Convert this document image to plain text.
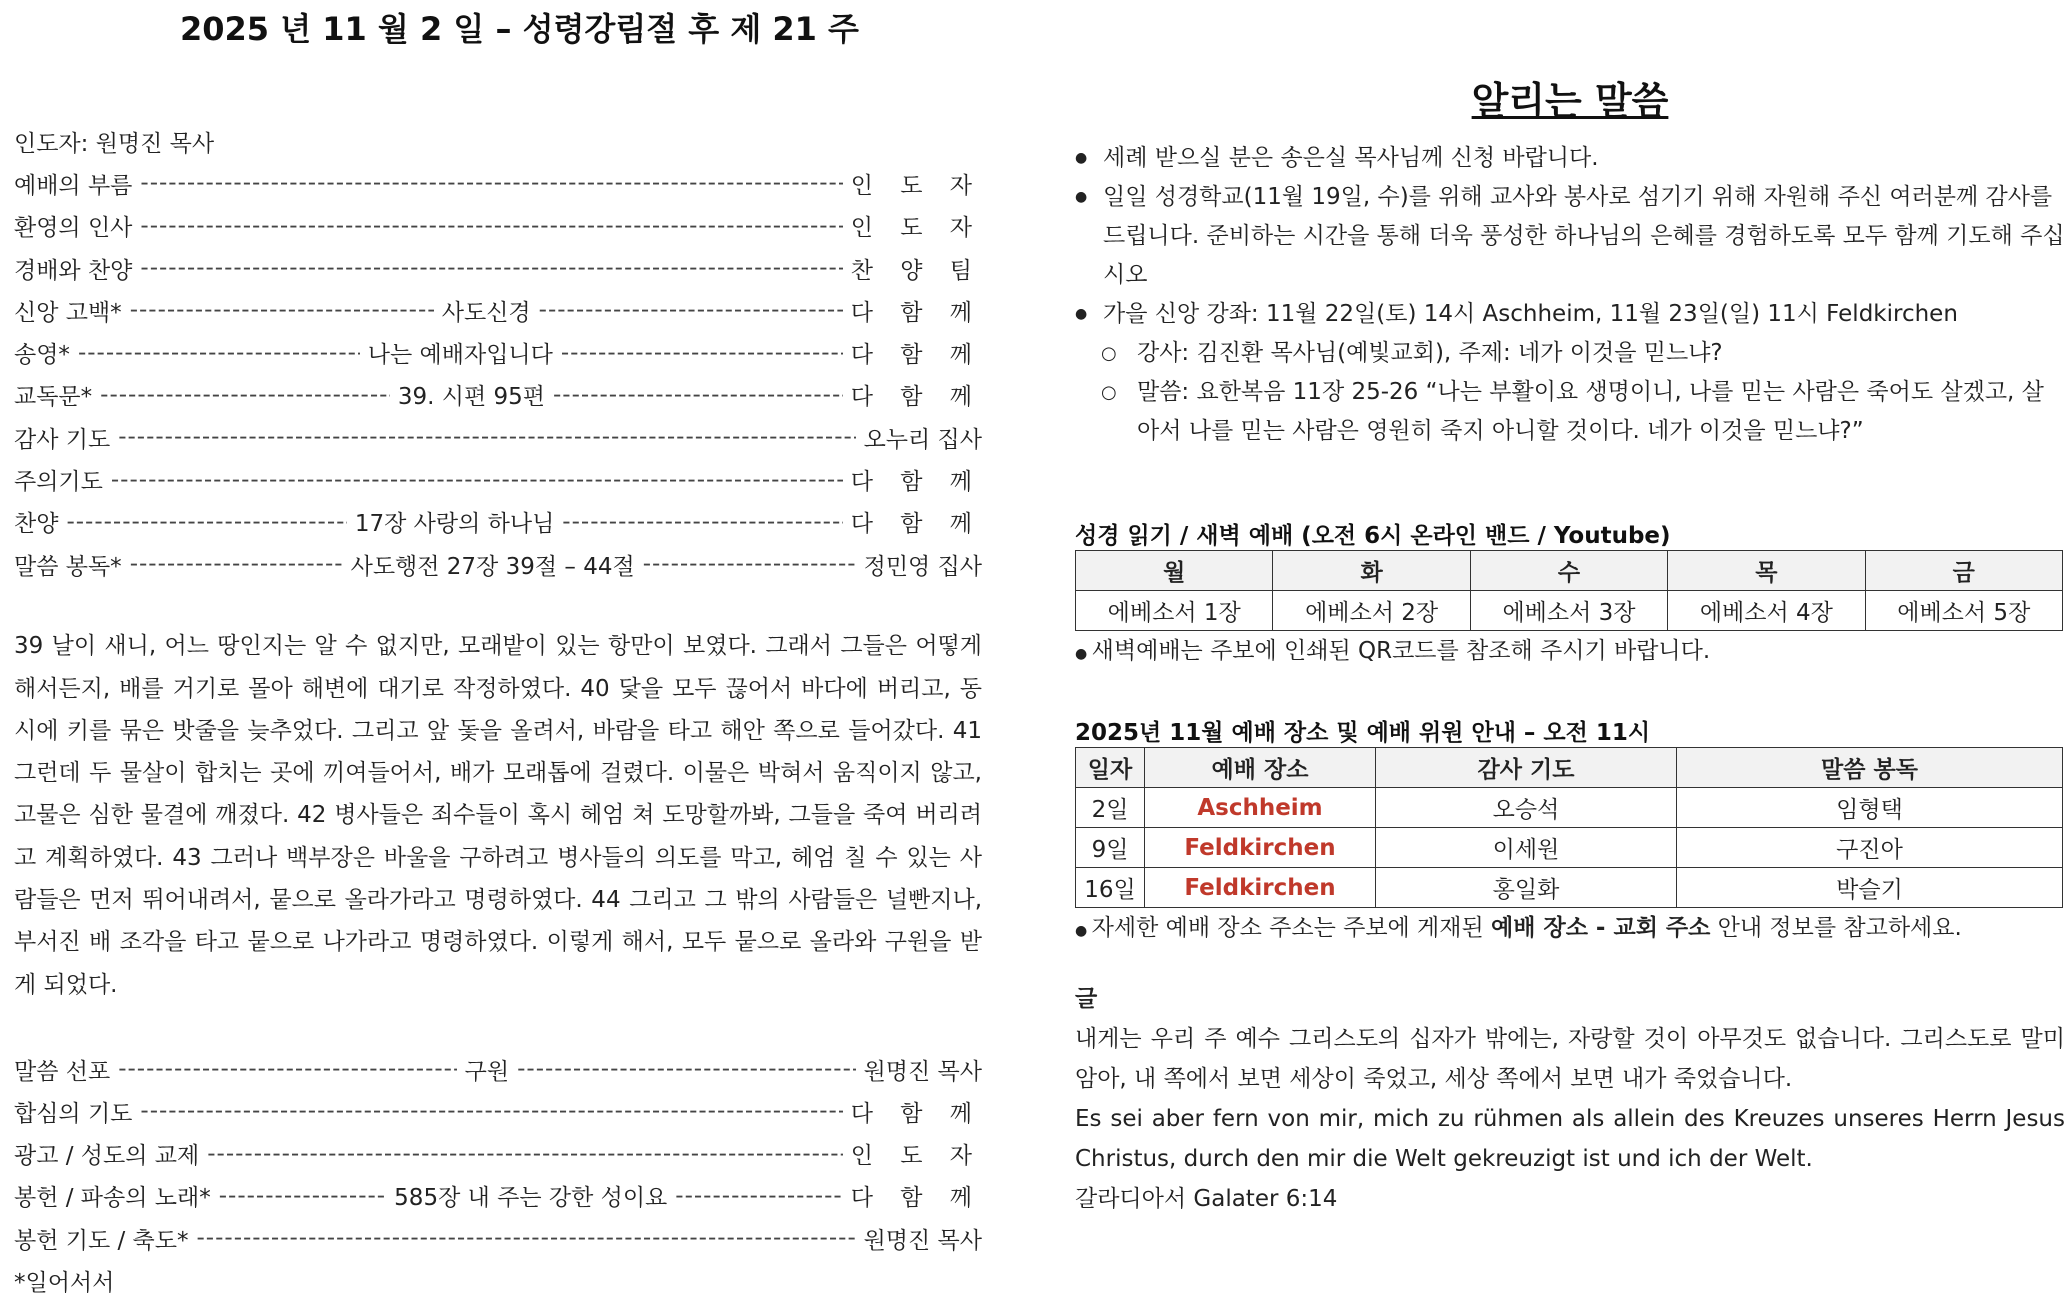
2025 년 11 월 2 일 – 성령강림절 후 제 21 주
인도자: 원명진 목사
예배의 부름 -----	인 도 자
환영의 인사 -----	인 도 자
경배와 찬양 -----	찬 양 팀
신앙 고백* -----	사도신경 -----	다 함 께
송영* -----	나는 예배자입니다 -----	다 함 께
교독문* -----	39. 시편 95편 -----	다 함 께
감사 기도 -----	오누리 집사
주의기도 -----	다 함 께
찬양 -----	17장 사랑의 하나님 -----	다 함 께
말씀 봉독* -----	사도행전 27장 39절 – 44절 -----	정민영 집사
39 날이 새니, 어느 땅인지는 알 수 없지만, 모래밭이 있는 항만이 보였다. 그래서 그들은 어떻게 해서든지, 배를 거기로 몰아 해변에 대기로 작정하였다. 40 닻을 모두 끊어서 바다에 버리고, 동시에 키를 묶은 밧줄을 늦추었다. 그리고 앞 돛을 올려서, 바람을 타고 해안 쪽으로 들어갔다. 41 그런데 두 물살이 합치는 곳에 끼여들어서, 배가 모래톱에 걸렸다. 이물은 박혀서 움직이지 않고, 고물은 심한 물결에 깨졌다. 42 병사들은 죄수들이 혹시 헤엄 쳐 도망할까봐, 그들을 죽여 버리려고 계획하였다. 43 그러나 백부장은 바울을 구하려고 병사들의 의도를 막고, 헤엄 칠 수 있는 사람들은 먼저 뛰어내려서, 뭍으로 올라가라고 명령하였다. 44 그리고 그 밖의 사람들은 널빤지나, 부서진 배 조각을 타고 뭍으로 나가라고 명령하였다. 이렇게 해서, 모두 뭍으로 올라와 구원을 받게 되었다.
말씀 선포 -----	구원 -----	원명진 목사
합심의 기도 -----	다 함 께
광고 / 성도의 교제 -----	인 도 자
봉헌 / 파송의 노래* -----	585장 내 주는 강한 성이요 -----	다 함 께
봉헌 기도 / 축도* -----	원명진 목사
*일어서서
알리는 말씀
● 세례 받으실 분은 송은실 목사님께 신청 바랍니다.
● 일일 성경학교(11월 19일, 수)를 위해 교사와 봉사로 섬기기 위해 자원해 주신 여러분께 감사를 드립니다. 준비하는 시간을 통해 더욱 풍성한 하나님의 은혜를 경험하도록 모두 함께 기도해 주십시오
● 가을 신앙 강좌: 11월 22일(토) 14시 Aschheim, 11월 23일(일) 11시 Feldkirchen
○ 강사: 김진환 목사님(예빛교회), 주제: 네가 이것을 믿느냐?
○ 말씀: 요한복음 11장 25-26 “나는 부활이요 생명이니, 나를 믿는 사람은 죽어도 살겠고, 살아서 나를 믿는 사람은 영원히 죽지 아니할 것이다. 네가 이것을 믿느냐?”
성경 읽기 / 새벽 예배 (오전 6시 온라인 밴드 / Youtube)
월	화	수	목	금
에베소서 1장	에베소서 2장	에베소서 3장	에베소서 4장	에베소서 5장
● 새벽예배는 주보에 인쇄된 QR코드를 참조해 주시기 바랍니다.
2025년 11월 예배 장소 및 예배 위원 안내 – 오전 11시
일자	예배 장소	감사 기도	말씀 봉독
2일	Aschheim	오승석	임형택
9일	Feldkirchen	이세원	구진아
16일	Feldkirchen	홍일화	박슬기
● 자세한 예배 장소 주소는 주보에 게재된 예배 장소 - 교회 주소 안내 정보를 참고하세요.

글

내게는 우리 주 예수 그리스도의 십자가 밖에는, 자랑할 것이 아무것도 없습니다. 그리스도로 말미암아, 내 쪽에서 보면 세상이 죽었고, 세상 쪽에서 보면 내가 죽었습니다.

Es sei aber fern von mir, mich zu rühmen als allein des Kreuzes unseres Herrn Jesus Christus, durch den mir die Welt gekreuzigt ist und ich der Welt.

갈라디아서 Galater 6:14
